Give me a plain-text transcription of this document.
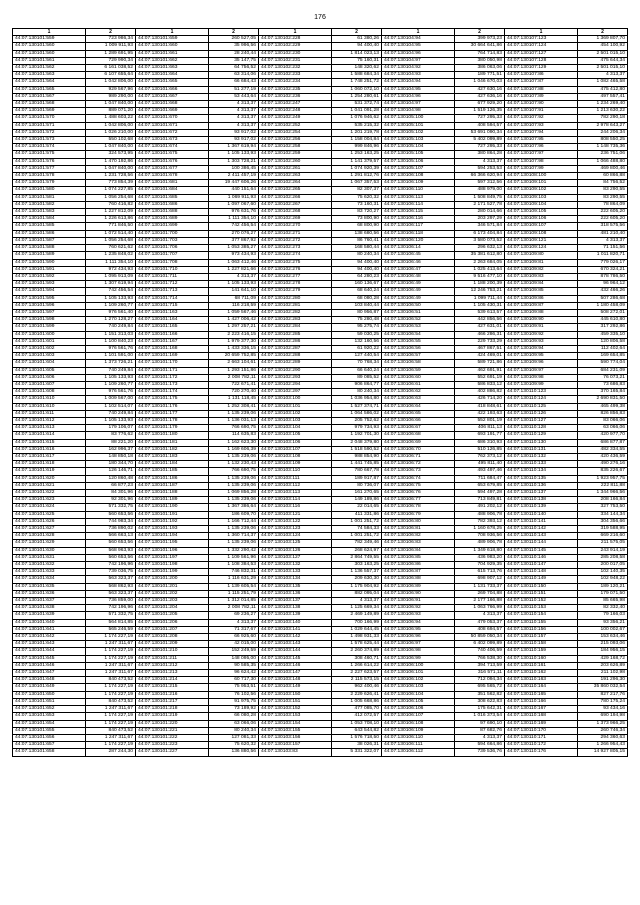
176
1	2	1	2	1	2	1	2	1	2
44:07:130101:559	723 986,34	44:07:130101:659	260 527,05	44:07:130102:228	61 380,26	44:07:130104:94	399 973,23	44:07:130107:123	1 369 807,70
44:07:130101:560	1 009 911,93	44:07:130101:660	35 996,56	44:07:130102:229	94 400,40	44:07:130104:95	30 664 641,86	44:07:130107:124	454 100,92
44:07:130101:560	1 289 691,95	44:07:130101:661	28 240,44	44:07:130102:230	1 814 023,13	44:07:130104:96	764 714,83	44:07:130107:127	2 501 015,10
44:07:130101:561	729 990,34	44:07:130101:662	35 147,75	44:07:130102:231	75 160,31	44:07:130104:97	380 050,98	44:07:130107:128	475 644,34
44:07:130101:562	6 161 038,52	44:07:130101:663	64 756,52	44:07:130102:232	148 320,62	44:07:130104:92	386 063,06	44:07:130107:129	2 501 015,10
44:07:130101:563	6 107 655,64	44:07:130101:664	63 314,06	44:07:130102:233	1 588 684,34	44:07:130104:93	189 771,51	44:07:130107:86	4 313,37
44:07:130101:564	1 042 806,00	44:07:130101:665	66 684,43	44:07:130102:234	1 748 251,72	44:07:130104:94	1 046 670,03	44:07:130107:87	1 082 465,58
44:07:130101:565	929 567,96	44:07:130101:666	51 277,19	44:07:130102:235	1 060 072,10	44:07:130104:95	427 630,16	44:07:130107:88	475 412,80
44:07:130101:567	989 290,00	44:07:130101:667	53 443,64	44:07:130102:236	1 254 280,61	44:07:130104:96	427 636,16	44:07:130107:89	497 557,41
44:07:130101:568	1 047 840,00	44:07:130101:668	4 313,37	44:07:130102:247	531 372,74	44:07:130104:97	677 929,20	44:07:130107:90	1 234 269,40
44:07:130101:569	889 071,20	44:07:130101:669	4 313,37	44:07:130102:248	1 041 091,28	44:07:130104:98	1 519 126,35	44:07:130107:91	1 213 630,22
44:07:130101:570	1 488 603,22	44:07:130101:670	4 313,37	44:07:130102:249	1 076 946,62	44:07:130105:100	727 295,33	44:07:130107:92	782 290,18
44:07:130101:571	1 042 806,00	44:07:130101:671	4 313,37	44:07:130102:252	535 215,32	44:07:130105:101	408 594,57	44:07:130107:93	2 978 643,27
44:07:130101:572	1 026 210,00	44:07:130101:672	93 917,02	44:07:130102:254	1 201 219,78	44:07:130105:102	53 691 090,34	44:07:130107:94	244 206,34
44:07:130101:573	550 102,68	44:07:130101:673	93 917,02	44:07:130102:256	1 158 004,84	44:07:130105:103	5 402 099,89	44:07:130107:95	808 550,25
44:07:130101:574	1 047 840,00	44:07:130101:674	1 367 619,94	44:07:130102:258	999 846,96	44:07:130105:104	727 295,33	44:07:130107:96	1 148 735,36
44:07:130101:575	324 573,95	44:07:130101:675	1 105 133,93	44:07:130102:259	1 253 163,25	44:07:130105:105	380 864,28	44:07:130107:97	236 751,06
44:07:130101:576	1 470 192,86	44:07:130101:676	1 303 728,21	44:07:130102:260	1 141 379,57	44:07:130105:106	4 313,37	44:07:130107:98	1 066 488,80
44:07:130101:577	1 047 840,00	44:07:130101:677	100 386,45	44:07:130102:261	1 074 920,39	44:07:130105:107	594 253,53	44:07:130107:99	469 800,46
44:07:130101:578	1 231 728,56	44:07:130101:678	2 411 457,19	44:07:130102:263	1 291 812,76	44:07:130106:108	66 366 620,94	44:07:130108:100	60 866,88
44:07:130101:579	773 854,39	44:07:130101:681	19 447 606,26	44:07:130102:264	1 067 357,53	44:07:130106:109	597 312,56	44:07:130109:101	84 756,52
44:07:130101:580	1 074 227,85	44:07:130101:684	440 151,64	44:07:130102:265	82 307,37	44:07:130106:110	488 979,00	44:07:130109:102	83 290,55
44:07:130101:581	1 056 254,68	44:07:130101:685	1 069 911,93	44:07:130102:266	75 620,32	44:07:130106:113	1 508 849,75	44:07:130109:103	83 290,55
44:07:130101:582	760 416,82	44:07:130101:686	1 097 067,60	44:07:130102:267	73 160,31	44:07:130106:114	2 171 527,78	44:07:130109:104	78 864,09
44:07:130101:583	1 227 812,09	44:07:130101:688	976 631,76	44:07:130102:268	83 720,27	44:07:130106:115	280 014,66	44:07:130109:105	222 605,20
44:07:130101:584	1 226 613,86	44:07:130101:689	1 111 354,10	44:07:130102:269	73 800,90	44:07:130106:116	203 297,29	44:07:130109:106	222 605,20
44:07:130101:585	771 846,50	44:07:130101:699	742 456,54	44:07:130102:270	68 800,90	44:07:130106:117	346 571,84	44:07:130109:107	318 575,56
44:07:130101:586	1 072 514,40	44:07:130101:700	270 076,27	44:07:130102:271	138 680,56	44:07:130106:118	6 173 404,84	44:07:130109:108	481 210,40
44:07:130101:587	1 056 254,68	44:07:130101:703	377 867,92	44:07:130102:272	86 760,41	44:07:130106:120	3 580 073,52	44:07:130109:121	4 313,37
44:07:130101:588	760 621,62	44:07:130101:706	1 053 385,27	44:07:130102:273	168 580,44	44:07:130106:14	296 632,13	44:07:130109:124	71 151,56
44:07:130101:589	1 235 848,02	44:07:130101:707	973 434,93	44:07:130102:274	80 240,34	44:07:130106:45	35 381 612,80	44:07:130109:80	1 011 820,71
44:07:130101:590	1 111 354,10	44:07:130101:708	1 063 412,46	44:07:130102:275	94 400,40	44:07:130106:46	2 263 684,05	44:07:130109:81	779 026,17
44:07:130101:591	972 434,93	44:07:130101:710	1 227 821,66	44:07:130102:276	94 400,40	44:07:130106:47	1 025 413,64	44:07:130109:82	670 324,21
44:07:130101:592	1 095 913,09	44:07:130101:711	4 313,37	44:07:130102:277	64 280,23	44:07:130106:48	9 516 477,10	44:07:130109:83	878 786,50
44:07:130101:593	1 307 619,94	44:07:130101:712	1 105 133,93	44:07:130102:278	160 136,67	44:07:130106:49	1 188 200,39	44:07:130109:84	96 964,12
44:07:130101:594	742 456,54	44:07:130101:713	141 641,10	44:07:130102:279	68 640,24	44:07:130106:49	12 246 753,21	44:07:130109:85	432 466,26
44:07:130101:595	1 105 133,93	44:07:130101:714	68 711,09	44:07:130102:280	68 080,28	44:07:130106:49	1 099 711,44	44:07:130109:86	507 286,68
44:07:130101:596	1 109 260,77	44:07:130101:715	116 218,59	44:07:130102:281	103 840,44	44:07:130106:50	1 105 430,31	44:07:130109:87	1 180 458,09
44:07:130101:597	976 561,40	44:07:130101:163	1 059 567,46	44:07:130102:282	80 956,87	44:07:130106:51	539 613,57	44:07:130109:88	508 272,01
44:07:130101:598	1 270 128,27	44:07:130101:164	1 427 006,42	44:07:130102:283	75 280,48	44:07:130106:52	442 856,56	44:07:130109:90	445 610,80
44:07:130101:599	740 249,84	44:07:130101:165	1 297 257,21	44:07:130102:284	95 275,74	44:07:130106:53	427 631,01	44:07:130109:91	317 292,86
44:07:130101:600	1 151 313,03	44:07:130101:166	2 223 416,15	44:07:130102:285	59 030,25	44:07:130106:54	466 286,31	44:07:130109:92	459 335,10
44:07:130101:601	1 100 840,23	44:07:130101:167	1 979 377,30	44:07:130102:286	132 160,56	44:07:130106:55	229 733,29	44:07:130109:93	120 806,58
44:07:130101:602	976 561,76	44:07:130101:168	1 433 336,15	44:07:130102:287	61 920,22	44:07:130106:56	467 867,51	44:07:130109:94	112 402,64
44:07:130101:603	1 101 591,00	44:07:130101:169	20 659 752,85	44:07:130102:288	127 440,54	44:07:130106:57	424 469,01	44:07:130109:95	169 654,85
44:07:130101:604	1 373 726,21	44:07:130101:170	2 663 104,61	44:07:130102:289	70 768,34	44:07:130106:58	589 721,86	44:07:130109:96	590 774,04
44:07:130101:605	740 249,84	44:07:130101:171	1 293 151,86	44:07:130102:290	66 640,24	44:07:130106:59	462 691,91	44:07:130109:97	684 231,09
44:07:130101:606	1 105 133,93	44:07:130101:172	2 008 782,11	44:07:130102:293	89 085,52	44:07:130106:60	552 691,19	44:07:130109:98	76 073,21
44:07:130101:607	1 109 260,77	44:07:130101:173	722 671,41	44:07:130102:294	906 864,77	44:07:130106:61	586 833,12	44:07:130109:99	73 686,83
44:07:130101:608	976 561,76	44:07:130101:174	720 270,40	44:07:130102:297	80 240,34	44:07:130106:62	402 886,82	44:07:130110:123	370 165,84
44:07:130101:610	1 009 567,00	44:07:130101:175	1 131 118,45	44:07:130103:100	1 036 954,80	44:07:130106:63	426 714,20	44:07:130110:124	2 690 831,50
44:07:130101:610	1 102 514,07	44:07:130101:176	1 252 308,41	44:07:130103:101	1 527 374,71	44:07:130106:64	418 848,61	44:07:130110:125	465 499,38
44:07:130101:611	740 249,84	44:07:130101:177	1 135 239,06	44:07:130103:102	1 064 586,02	44:07:130106:65	422 193,63	44:07:130110:126	826 856,83
44:07:130101:612	1 105 133,93	44:07:130101:178	1 136 031,13	44:07:130103:103	205 752,62	44:07:130106:66	552 801,19	44:07:130110:127	83 066,06
44:07:130101:613	179 106,07	44:07:130101:179	766 690,75	44:07:130103:104	979 734,93	44:07:130106:67	406 811,13	44:07:130110:128	63 066,06
44:07:130101:614	83 776,62	44:07:130101:180	114 635,83	44:07:130103:105	1 192 701,30	44:07:130106:68	693 191,77	44:07:130110:129	420 977,70
44:07:130101:615	88 221,20	44:07:130101:181	1 162 623,30	44:07:130103:106	2 048 379,80	44:07:130106:69	686 310,93	44:07:130110:130	686 877,87
44:07:130101:616	162 996,37	44:07:130101:182	1 169 606,39	44:07:130103:107	1 518 590,52	44:07:130106:70	510 126,85	44:07:130110:131	482 334,55
44:07:130101:617	148 850,18	44:07:130101:183	1 135 239,06	44:07:130103:108	988 854,90	44:07:130106:71	762 373,12	44:07:130110:132	420 436,59
44:07:130101:618	180 344,70	44:07:130101:184	1 132 230,43	44:07:130103:109	1 441 745,85	44:07:130106:72	495 811,40	44:07:130110:133	490 276,16
44:07:130101:619	126 146,71	44:07:130101:185	766 690,75	44:07:130103:110	780 667,78	44:07:130106:73	493 497,46	44:07:130110:134	835 226,67
44:07:130101:620	120 860,48	44:07:130101:186	1 135 239,06	44:07:130103:111	189 917,87	44:07:130106:74	711 684,47	44:07:130110:135	1 923 957,75
44:07:130101:621	66 877,23	44:07:130101:187	1 135 239,06	44:07:130103:112	80 736,07	44:07:130106:75	653 679,85	44:07:130110:136	222 811,88
44:07:130101:622	84 301,96	44:07:130101:188	1 069 856,28	44:07:130103:113	161 270,65	44:07:130106:76	594 497,28	44:07:130110:137	1 344 966,56
44:07:130101:623	92 301,96	44:07:130101:189	1 135 239,06	44:07:130103:114	149 189,86	44:07:130106:77	713 849,81	44:07:130110:138	208 166,84
44:07:130101:624	571 332,75	44:07:130101:190	1 367 386,64	44:07:130103:116	22 014,65	44:07:130106:78	491 202,12	44:07:130110:139	327 753,50
44:07:130101:625	560 653,56	44:07:130101:191	186 609,70	44:07:130103:121	411 331,86	44:07:130106:79	488 906,78	44:07:130110:140	334 144,34
44:07:130101:626	744 983,34	44:07:130101:192	1 166 712,44	44:07:130103:122	1 001 251,72	44:07:130106:80	782 393,12	44:07:130110:141	304 356,66
44:07:130101:627	736 890,02	44:07:130101:193	1 135 239,06	44:07:130103:123	74 584,33	44:07:130106:81	1 160 678,25	44:07:130110:142	319 588,95
44:07:130101:628	566 663,13	44:07:130101:194	1 360 714,37	44:07:130103:124	1 001 251,72	44:07:130106:82	708 936,56	44:07:130110:143	669 216,60
44:07:130101:629	560 653,56	44:07:130101:195	1 135 239,06	44:07:130103:125	782 349,46	44:07:130106:83	489 906,78	44:07:130110:144	211 575,05
44:07:130101:630	568 963,93	44:07:130101:196	1 332 290,42	44:07:130103:126	268 624,97	44:07:130106:84	1 349 618,80	44:07:130110:145	243 914,19
44:07:130101:631	560 653,56	44:07:130101:197	1 109 561,96	44:07:130103:127	2 864 749,55	44:07:130106:85	436 983,20	44:07:130110:146	285 208,58
44:07:130101:632	742 196,96	44:07:130101:198	1 108 384,53	44:07:130103:132	303 163,25	44:07:130106:86	704 929,35	44:07:130110:147	200 017,05
44:07:130101:633	739 036,75	44:07:130101:199	746 832,31	44:07:130103:133	1 136 557,37	44:07:130106:87	615 713,76	44:07:130110:148	102 140,35
44:07:130101:634	563 323,37	44:07:130101:200	1 116 631,29	44:07:130103:134	209 630,30	44:07:130106:88	698 907,12	44:07:130110:149	102 948,22
44:07:130101:635	568 862,93	44:07:130101:201	1 139 605,54	44:07:130103:135	1 175 904,92	44:07:130106:89	1 131 733,37	44:07:130110:150	189 120,21
44:07:130101:636	563 323,37	44:07:130101:202	1 115 251,79	44:07:130103:136	882 095,04	44:07:130106:90	269 704,88	44:07:130110:151	179 071,50
44:07:130101:637	736 859,00	44:07:130101:203	1 312 014,85	44:07:130103:137	4 313,37	44:07:130106:91	2 177 166,88	44:07:130110:152	85 665,98
44:07:130101:638	742 196,96	44:07:130101:204	2 008 782,11	44:07:130103:138	1 125 669,34	44:07:130106:92	1 063 766,99	44:07:130110:153	82 332,40
44:07:130101:639	571 332,75	44:07:130101:205	69 236,27	44:07:130103:139	2 469 149,89	44:07:130106:93	4 313,37	44:07:130110:154	79 166,03
44:07:130101:640	564 814,85	44:07:130101:206	4 313,37	44:07:130103:140	700 166,99	44:07:130106:94	479 053,37	44:07:130110:155	93 356,21
44:07:130101:641	565 246,59	44:07:130101:207	71 317,67	44:07:130103:141	1 029 644,45	44:07:130106:95	408 694,57	44:07:130110:156	100 002,67
44:07:130101:642	1 174 227,19	44:07:130101:208	66 925,60	44:07:130103:142	1 498 931,33	44:07:130106:96	50 859 050,34	44:07:130110:157	153 634,46
44:07:130101:643	1 247 311,67	44:07:130101:209	42 015,00	44:07:130103:143	1 578 625,44	44:07:130106:97	6 402 099,89	44:07:130110:158	215 093,06
44:07:130101:644	1 174 227,19	44:07:130101:210	152 249,59	44:07:130103:144	2 260 374,89	44:07:130106:98	740 406,59	44:07:130110:159	184 956,15
44:07:130101:645	1 174 227,19	44:07:130101:211	148 095,00	44:07:130103:145	308 460,71	44:07:130106:99	766 538,30	44:07:130110:160	429 168,72
44:07:130101:646	1 247 311,67	44:07:130101:212	90 585,35	44:07:130103:146	1 266 614,22	44:07:130106:100	394 713,59	44:07:130110:161	203 626,89
44:07:130101:647	1 247 311,67	44:07:130101:213	96 624,42	44:07:130103:147	2 227 623,57	44:07:130106:101	316 571,11	44:07:130110:162	211 102,98
44:07:130101:648	840 473,52	44:07:130101:214	60 717,30	44:07:130103:148	2 115 573,15	44:07:130106:102	712 094,34	44:07:130110:163	191 296,30
44:07:130101:649	1 174 227,19	44:07:130101:215	75 953,51	44:07:130103:149	962 400,46	44:07:130106:103	695 565,72	44:07:130110:164	35 860 032,54
44:07:130101:650	1 174 227,19	44:07:130101:216	76 102,56	44:07:130103:150	2 229 626,41	44:07:130106:104	351 562,82	44:07:130110:165	827 217,76
44:07:130101:651	840 473,52	44:07:130101:217	91 975,75	44:07:130103:151	1 005 668,86	44:07:130106:105	308 622,83	44:07:130110:166	780 175,24
44:07:130101:652	1 247 311,67	44:07:130101:218	73 189,92	44:07:130103:152	477 085,70	44:07:130106:106	175 642,31	44:07:130110:167	93 434,16
44:07:130101:653	1 174 227,19	44:07:130101:219	66 080,28	44:07:130103:153	412 072,57	44:07:130106:107	1 016 373,54	44:07:130110:168	690 194,98
44:07:130101:654	1 174 227,19	44:07:130101:220	63 066,06	44:07:130103:154	1 053 708,10	44:07:130106:108	97 690,10	44:07:130110:169	1 373 966,25
44:07:130101:655	840 473,52	44:07:130101:221	80 240,34	44:07:130103:155	643 544,82	44:07:130106:109	87 682,76	44:07:130110:170	260 746,34
44:07:130101:656	1 247 311,67	44:07:130101:222	127 081,33	44:07:130103:156	1 576 718,50	44:07:130106:110	4 313,37	44:07:130110:171	294 360,63
44:07:130101:657	1 174 227,19	44:07:130101:223	75 620,32	44:07:130103:157	38 026,31	44:07:130106:111	594 664,86	44:07:130110:172	1 266 954,43
44:07:130101:658	287 244,30	44:07:130101:227	136 880,56	44:07:130103:83	5 331 322,07	44:07:130106:112	739 536,76	44:07:130110:176	14 927 805,15
